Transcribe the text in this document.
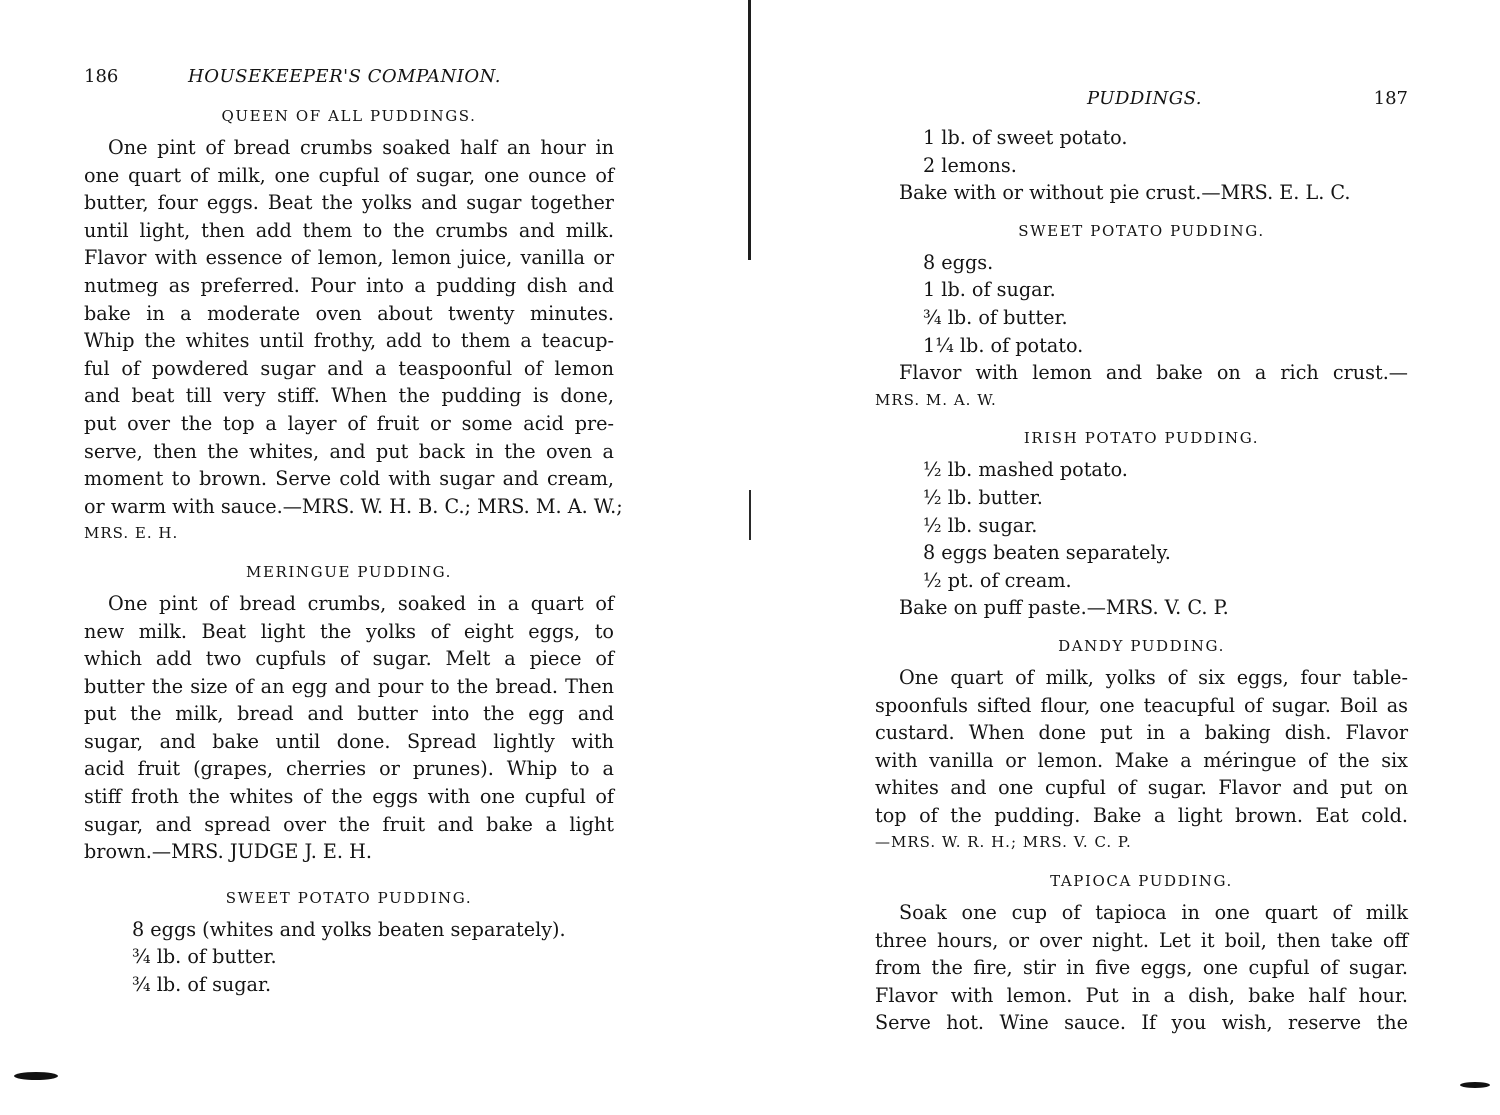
186	HOUSEKEEPER'S COMPANION.
QUEEN OF ALL PUDDINGS.
One pint of bread crumbs soaked half an hour in
one quart of milk, one cupful of sugar, one ounce of
butter, four eggs. Beat the yolks and sugar together
until light, then add them to the crumbs and milk.
Flavor with essence of lemon, lemon juice, vanilla or
nutmeg as preferred. Pour into a pudding dish and
bake in a moderate oven about twenty minutes.
Whip the whites until frothy, add to them a teacup-
ful of powdered sugar and a teaspoonful of lemon
and beat till very stiff. When the pudding is done,
put over the top a layer of fruit or some acid pre-
serve, then the whites, and put back in the oven a
moment to brown. Serve cold with sugar and cream,
or warm with sauce.—MRS. W. H. B. C.; MRS. M. A. W.;
MRS. E. H.
MERINGUE PUDDING.
One pint of bread crumbs, soaked in a quart of
new milk. Beat light the yolks of eight eggs, to
which add two cupfuls of sugar. Melt a piece of
butter the size of an egg and pour to the bread. Then
put the milk, bread and butter into the egg and
sugar, and bake until done. Spread lightly with
acid fruit (grapes, cherries or prunes). Whip to a
stiff froth the whites of the eggs with one cupful of
sugar, and spread over the fruit and bake a light
brown.—MRS. JUDGE J. E. H.
SWEET POTATO PUDDING.
8 eggs (whites and yolks beaten separately).
¾ lb. of butter.
¾ lb. of sugar.
PUDDINGS.	187
1 lb. of sweet potato.
2 lemons.
Bake with or without pie crust.—MRS. E. L. C.
SWEET POTATO PUDDING.
8 eggs.
1 lb. of sugar.
¾ lb. of butter.
1¼ lb. of potato.
Flavor with lemon and bake on a rich crust.—
MRS. M. A. W.
IRISH POTATO PUDDING.
½ lb. mashed potato.
½ lb. butter.
½ lb. sugar.
8 eggs beaten separately.
½ pt. of cream.
Bake on puff paste.—MRS. V. C. P.
DANDY PUDDING.
One quart of milk, yolks of six eggs, four table-
spoonfuls sifted flour, one teacupful of sugar. Boil as
custard. When done put in a baking dish. Flavor
with vanilla or lemon. Make a méringue of the six
whites and one cupful of sugar. Flavor and put on
top of the pudding. Bake a light brown. Eat cold.
—MRS. W. R. H.; MRS. V. C. P.
TAPIOCA PUDDING.
Soak one cup of tapioca in one quart of milk
three hours, or over night. Let it boil, then take off
from the fire, stir in five eggs, one cupful of sugar.
Flavor with lemon. Put in a dish, bake half hour.
Serve hot. Wine sauce. If you wish, reserve the
